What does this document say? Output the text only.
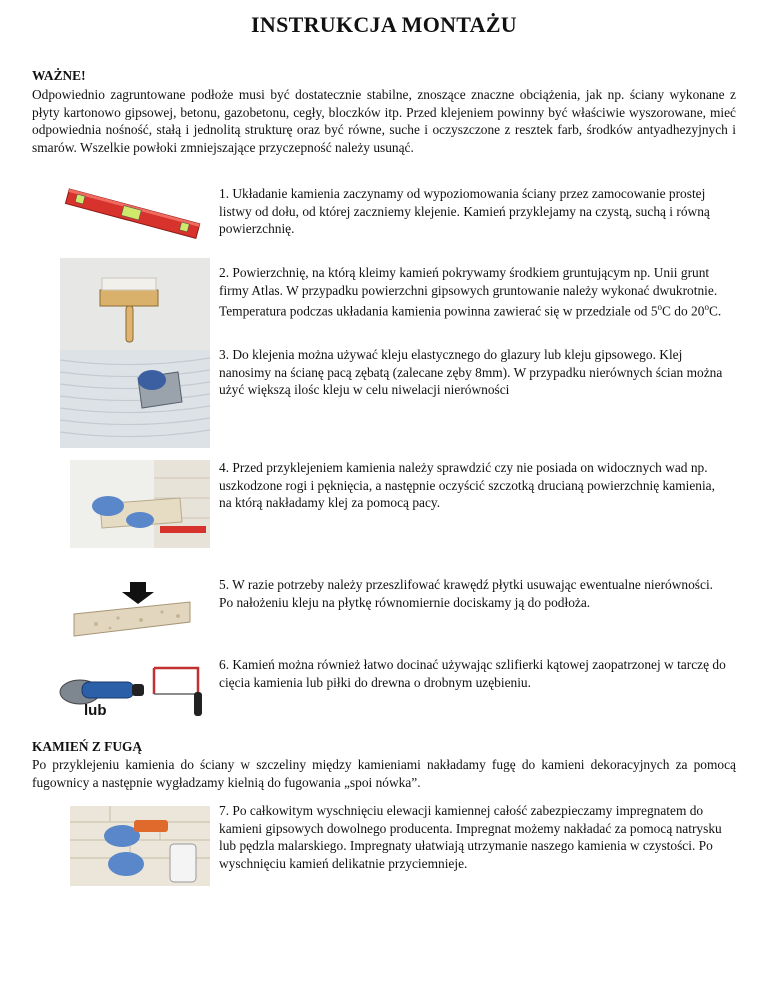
INSTRUKCJA MONTAŻU
WAŻNE!

Odpowiednio zagruntowane podłoże musi być dostatecznie stabilne, znoszące znaczne obciążenia, jak np. ściany wykonane z płyty kartonowo gipsowej, betonu, gazobetonu, cegły, bloczków itp. Przed klejeniem powinny być właściwie wyszorowane, mieć odpowiednia nośność, stałą i jednolitą strukturę oraz być równe, suche i oczyszczone z resztek farb, środków antyadhezyjnych i smarów. Wszelkie powłoki zmniejszające przyczepność należy usunąć.

1. Układanie kamienia zaczynamy od wypoziomowania ściany przez zamocowanie prostej listwy od dołu, od której zaczniemy klejenie. Kamień przyklejamy na czystą, suchą i równą powierzchnię.

2. Powierzchnię, na którą kleimy kamień pokrywamy środkiem gruntującym np. Unii grunt firmy Atlas. W przypadku powierzchni gipsowych gruntowanie należy wykonać dwukrotnie. Temperatura podczas układania kamienia powinna zawierać się w przedziale od 5$^o$C do 20$^o$C.

3. Do klejenia można używać kleju elastycznego do glazury lub kleju gipsowego. Klej nanosimy na ścianę pacą zębatą (zalecane zęby 8mm). W przypadku nierównych ścian można użyć większą ilośc kleju w celu niwelacji nierówności

4. Przed przyklejeniem kamienia należy sprawdzić czy nie posiada on widocznych wad np. uszkodzone rogi i pęknięcia, a następnie oczyścić szczotką drucianą powierzchnię kamienia, na którą nakładamy klej za pomocą pacy.

5. W razie potrzeby należy przeszlifować krawędź płytki usuwając ewentualne nierówności. Po nałożeniu kleju na płytkę równomiernie dociskamy ją do podłoża.

lub

6. Kamień można również łatwo docinać używając szlifierki kątowej zaopatrzonej w tarczę do cięcia kamienia lub piłki do drewna o drobnym uzębieniu.

KAMIEŃ Z FUGĄ

Po przyklejeniu kamienia do ściany w szczeliny między kamieniami nakładamy fugę do kamieni dekoracyjnych za pomocą fugownicy a następnie wygładzamy kielnią do fugowania „spoi nówka”.

7. Po całkowitym wyschnięciu elewacji kamiennej całość zabezpieczamy impregnatem do kamieni gipsowych dowolnego producenta. Impregnat możemy nakładać za pomocą natrysku lub pędzla malarskiego. Impregnaty ułatwiają utrzymanie naszego kamienia w czystości. Po wyschnięciu kamień delikatnie przyciemnieje.
